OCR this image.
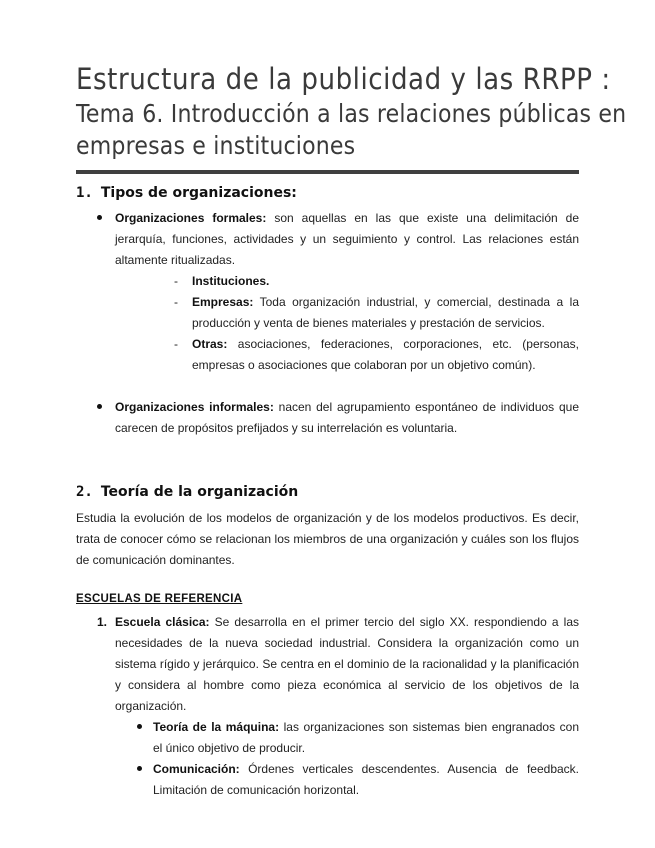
Estructura de la publicidad y las RRPP :
Tema 6. Introducción a las relaciones públicas en
empresas e instituciones
1. Tipos de organizaciones:
Organizaciones formales: son aquellas en las que existe una delimitación de jerarquía, funciones, actividades y un seguimiento y control. Las relaciones están altamente ritualizadas.
- Instituciones.
- Empresas: Toda organización industrial, y comercial, destinada a la producción y venta de bienes materiales y prestación de servicios.
- Otras: asociaciones, federaciones, corporaciones, etc. (personas, empresas o asociaciones que colaboran por un objetivo común).
Organizaciones informales: nacen del agrupamiento espontáneo de individuos que carecen de propósitos prefijados y su interrelación es voluntaria.
2. Teoría de la organización
Estudia la evolución de los modelos de organización y de los modelos productivos. Es decir, trata de conocer cómo se relacionan los miembros de una organización y cuáles son los flujos de comunicación dominantes.
ESCUELAS DE REFERENCIA
1. Escuela clásica: Se desarrolla en el primer tercio del siglo XX. respondiendo a las necesidades de la nueva sociedad industrial. Considera la organización como un sistema rígido y jerárquico. Se centra en el dominio de la racionalidad y la planificación y considera al hombre como pieza económica al servicio de los objetivos de la organización.
Teoría de la máquina: las organizaciones son sistemas bien engranados con el único objetivo de producir.
Comunicación: Órdenes verticales descendentes. Ausencia de feedback. Limitación de comunicación horizontal.
